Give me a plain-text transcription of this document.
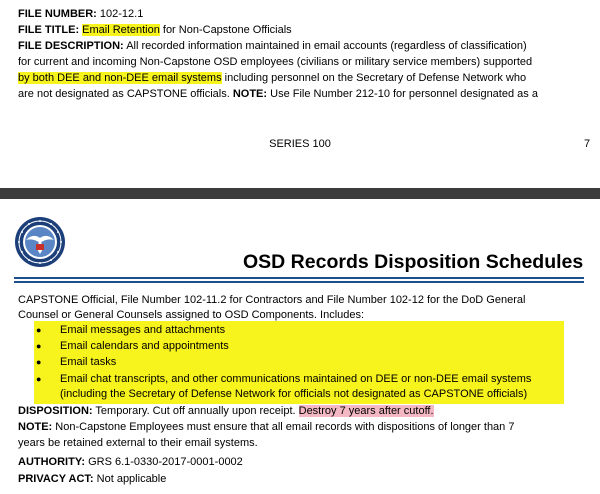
FILE NUMBER: 102-12.1
FILE TITLE: Email Retention for Non-Capstone Officials
FILE DESCRIPTION: All recorded information maintained in email accounts (regardless of classification)
for current and incoming Non-Capstone OSD employees (civilians or military service members) supported
by both DEE and non-DEE email systems including personnel on the Secretary of Defense Network who
are not designated as CAPSTONE officials. NOTE: Use File Number 212-10 for personnel designated as a
SERIES 100	7
OSD Records Disposition Schedules
CAPSTONE Official, File Number 102-11.2 for Contractors and File Number 102-12 for the DoD General
Counsel or General Counsels assigned to OSD Components. Includes:
● Email messages and attachments
● Email calendars and appointments
● Email tasks
● Email chat transcripts, and other communications maintained on DEE or non-DEE email systems
(including the Secretary of Defense Network for officials not designated as CAPSTONE officials)
DISPOSITION: Temporary. Cut off annually upon receipt. Destroy 7 years after cutoff.
NOTE: Non-Capstone Employees must ensure that all email records with dispositions of longer than 7
years be retained external to their email systems.
AUTHORITY: GRS 6.1-0330-2017-0001-0002
PRIVACY ACT: Not applicable
